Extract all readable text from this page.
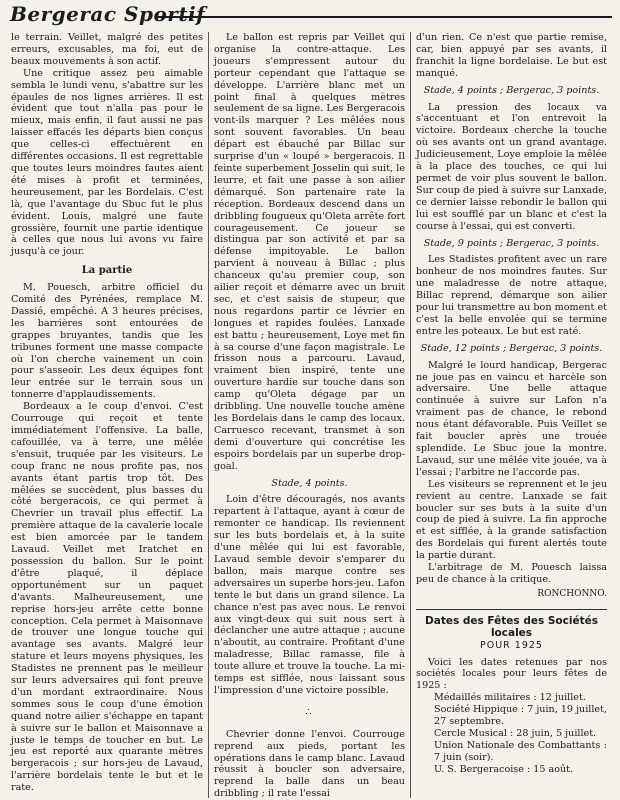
Bergerac Sportif

le terrain. Veillet, malgré des petites erreurs, excusables, ma foi, eut de beaux mouvements à son actif.

Une critique assez peu aimable sembla le lundi venu, s'abattre sur les épaules de nos lignes arrières. Il est évident que tout n'alla pas pour le mieux, mais enfin, il faut aussi ne pas laisser effacés les départs bien conçus que celles-ci effectuèrent en différentes occasions. Il est regrettable que toutes leurs moindres fautes aient été mises à profit et terminées, heureusement, par les Bordelais. C'est là, que l'avantage du Sbuc fut le plus évident. Louis, malgré une faute grossière, fournit une partie identique à celles que nous lui avons vu faire jusqu'à ce jour.

La partie

M. Pouesch, arbitre officiel du Comité des Pyrénées, remplace M. Dassié, empêché. A 3 heures précises, les barrières sont entourées de grappes bruyantes, tandis que les tribunes forment une masse compacte où l'on cherche vainement un coin pour s'asseoir. Les deux équipes font leur entrée sur le terrain sous un tonnerre d'applaudissements.

Bordeaux a le coup d'envoi. C'est Courrouge qui reçoit et tente immédiatement l'offensive. La balle, cafouillée, va à terre, une mêlée s'ensuit, truquée par les visiteurs. Le coup franc ne nous profite pas, nos avants étant partis trop tôt. Des mêlées se succèdent, plus basses du côté bergeracois, ce qui permet à Chevrier un travail plus effectif. La première attaque de la cavalerie locale est bien amorcée par le tandem Lavaud. Veillet met Iratchet en possession du ballon. Sur le point d'être plaqué, il déplace opportunément sur un paquet d'avants. Malheureusement, une reprise hors-jeu arrête cette bonne conception. Cela permet à Maisonnave de trouver une longue touche qui avantage ses avants. Malgré leur stature et leurs moyens physiques, les Stadistes ne prennent pas le meilleur sur leurs adversaires qui font preuve d'un mordant extraordinaire. Nous sommes sous le coup d'une émotion quand notre ailier s'échappe en tapant à suivre sur le ballon et Maisonnave a juste le temps de toucher en but. Le jeu est reporté aux quarante mètres bergeracois ; sur hors-jeu de Lavaud, l'arrière bordelais tente le but et le rate.

Le ballon est repris par Veillet qui organise la contre-attaque. Les joueurs s'empressent autour du porteur cependant que l'attaque se développe. L'arrière blanc met un point final à quelques mètres seulement de sa ligne. Les Bergeracois vont-ils marquer ? Les mêlées nous sont souvent favorables. Un beau départ est ébauché par Billac sur surprise d'un « loupé » bergeracois. Il feinte superbement Josselin qui suit, le leurre, et fait une passe à son ailier démarqué. Son partenaire rate la réception. Bordeaux descend dans un dribbling fougueux qu'Oleta arrête fort courageusement. Ce joueur se distingua par son activité et par sa défense impitoyable. Le ballon parvient à nouveau à Billac ; plus chanceux qu'au premier coup, son ailier reçoit et démarre avec un bruit sec, et c'est saisis de stupeur, que nous regardons partir ce lévrier en longues et rapides foulées. Lanxade est battu ; heureusement, Loye met fin à sa course d'une façon magistrale. Le frisson nous a parcouru. Lavaud, vraiment bien inspiré, tente une ouverture hardie sur touche dans son camp qu'Oleta dégage par un dribbling. Une nouvelle touche amène les Bordelais dans le camp des locaux. Carruesco recevant, transmet à son demi d'ouverture qui concrétise les espoirs bordelais par un superbe drop-goal.

Stade, 4 points.

Loin d'être découragés, nos avants repartent à l'attaque, ayant à cœur de remonter ce handicap. Ils reviennent sur les buts bordelais et, à la suite d'une mêlée qui lui est favorable, Lavaud semble devoir s'emparer du ballon, mais marque contre ses adversaires un superbe hors-jeu. Lafon tente le but dans un grand silence. La chance n'est pas avec nous. Le renvoi aux vingt-deux qui suit nous sert à déclancher une autre attaque ; aucune n'aboutit, au contraire. Profitant d'une maladresse, Billac ramasse, file à toute allure et trouve la touche. La mi-temps est sifflée, nous laissant sous l'impression d'une victoire possible.

∴

Chevrier donne l'envoi. Courrouge reprend aux pieds, portant les opérations dans le camp blanc. Lavaud réussit à boucler son adversaire, reprend la balle dans un beau dribbling ; il rate l'essai

d'un rien. Ce n'est que partie remise, car, bien appuyé par ses avants, il franchit la ligne bordelaise. Le but est manqué.

Stade, 4 points ; Bergerac, 3 points.

La pression des locaux va s'accentuant et l'on entrevoit la victoire. Bordeaux cherche la touche où ses avants ont un grand avantage. Judicieusement, Loye emploie la mêlée à la place des touches, ce qui lui permet de voir plus souvent le ballon. Sur coup de pied à suivre sur Lanxade, ce dernier laisse rebondir le ballon qui lui est soufflé par un blanc et c'est la course à l'essai, qui est converti.

Stade, 9 points ; Bergerac, 3 points.

Les Stadistes profitent avec un rare bonheur de nos moindres fautes. Sur une maladresse de notre attaque, Billac reprend, démarque son ailier pour lui transmettre au bon moment et c'est la belle envolée qui se termine entre les poteaux. Le but est raté.

Stade, 12 points ; Bergerac, 3 points.

Malgré le lourd handicap, Bergerac ne joue pas en vaincu et harcèle son adversaire. Une belle attaque continuée à suivre sur Lafon n'a vraiment pas de chance, le rebond nous étant défavorable. Puis Veillet se fait boucler après une trouée splendide. Le Sbuc joue la montre. Lavaud, sur une mêlée vite jouée, va à l'essai ; l'arbitre ne l'accorde pas.

Les visiteurs se reprennent et le jeu revient au centre. Lanxade se fait boucler sur ses buts à la suite d'un coup de pied à suivre. La fin approche et est sifflée, à la grande satisfaction des Bordelais qui furent alertés toute la partie durant.

L'arbitrage de M. Pouesch laissa peu de chance à la critique.

RONCHONNO.

Dates des Fêtes des Sociétés locales
POUR 1925

Voici les dates retenues par nos sociétés locales pour leurs fêtes de 1925 :

Médaillés militaires : 12 juillet.

Société Hippique : 7 juin, 19 juillet, 27 septembre.

Cercle Musical : 28 juin, 5 juillet.

Union Nationale des Combattants : 7 juin (soir).

U. S. Bergeracoise : 15 août.
